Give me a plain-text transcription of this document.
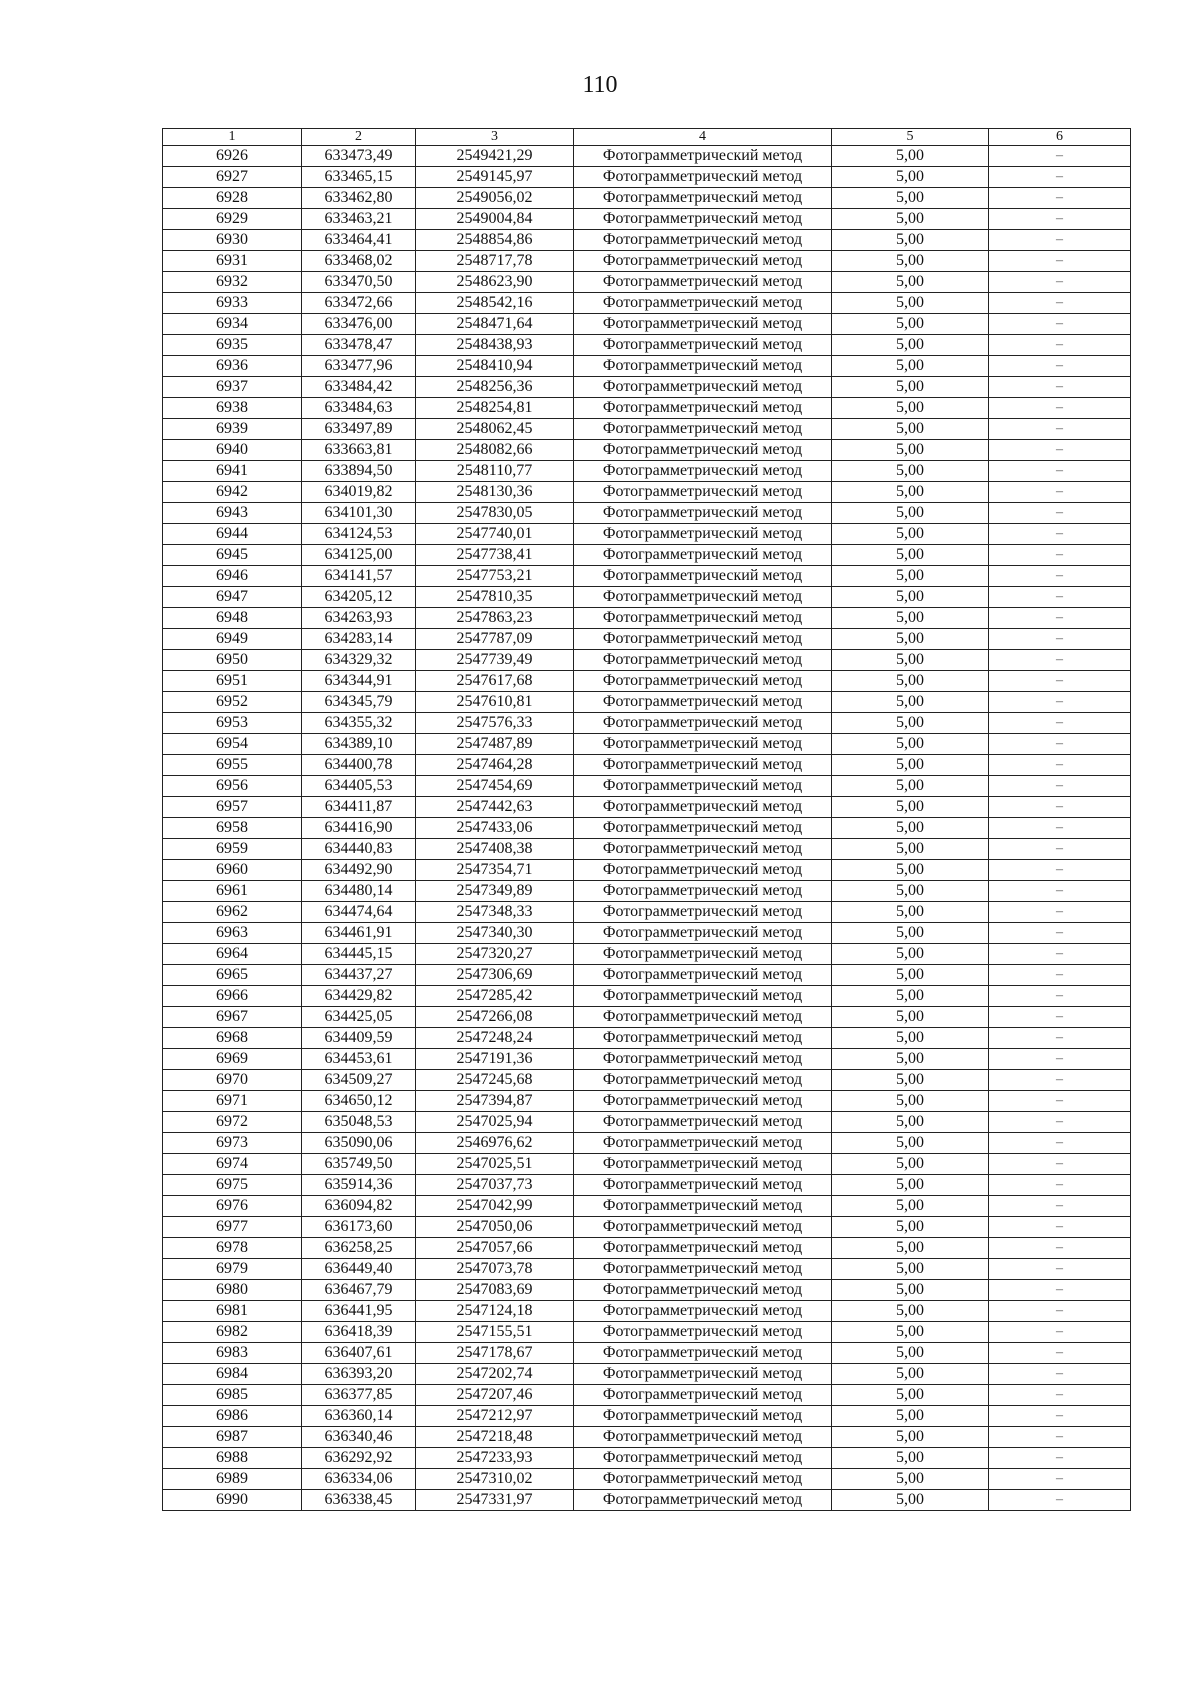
110
1	2	3	4	5	6
6926	633473,49	2549421,29	Фотограмметрический метод	5,00	–
6927	633465,15	2549145,97	Фотограмметрический метод	5,00	–
6928	633462,80	2549056,02	Фотограмметрический метод	5,00	–
6929	633463,21	2549004,84	Фотограмметрический метод	5,00	–
6930	633464,41	2548854,86	Фотограмметрический метод	5,00	–
6931	633468,02	2548717,78	Фотограмметрический метод	5,00	–
6932	633470,50	2548623,90	Фотограмметрический метод	5,00	–
6933	633472,66	2548542,16	Фотограмметрический метод	5,00	–
6934	633476,00	2548471,64	Фотограмметрический метод	5,00	–
6935	633478,47	2548438,93	Фотограмметрический метод	5,00	–
6936	633477,96	2548410,94	Фотограмметрический метод	5,00	–
6937	633484,42	2548256,36	Фотограмметрический метод	5,00	–
6938	633484,63	2548254,81	Фотограмметрический метод	5,00	–
6939	633497,89	2548062,45	Фотограмметрический метод	5,00	–
6940	633663,81	2548082,66	Фотограмметрический метод	5,00	–
6941	633894,50	2548110,77	Фотограмметрический метод	5,00	–
6942	634019,82	2548130,36	Фотограмметрический метод	5,00	–
6943	634101,30	2547830,05	Фотограмметрический метод	5,00	–
6944	634124,53	2547740,01	Фотограмметрический метод	5,00	–
6945	634125,00	2547738,41	Фотограмметрический метод	5,00	–
6946	634141,57	2547753,21	Фотограмметрический метод	5,00	–
6947	634205,12	2547810,35	Фотограмметрический метод	5,00	–
6948	634263,93	2547863,23	Фотограмметрический метод	5,00	–
6949	634283,14	2547787,09	Фотограмметрический метод	5,00	–
6950	634329,32	2547739,49	Фотограмметрический метод	5,00	–
6951	634344,91	2547617,68	Фотограмметрический метод	5,00	–
6952	634345,79	2547610,81	Фотограмметрический метод	5,00	–
6953	634355,32	2547576,33	Фотограмметрический метод	5,00	–
6954	634389,10	2547487,89	Фотограмметрический метод	5,00	–
6955	634400,78	2547464,28	Фотограмметрический метод	5,00	–
6956	634405,53	2547454,69	Фотограмметрический метод	5,00	–
6957	634411,87	2547442,63	Фотограмметрический метод	5,00	–
6958	634416,90	2547433,06	Фотограмметрический метод	5,00	–
6959	634440,83	2547408,38	Фотограмметрический метод	5,00	–
6960	634492,90	2547354,71	Фотограмметрический метод	5,00	–
6961	634480,14	2547349,89	Фотограмметрический метод	5,00	–
6962	634474,64	2547348,33	Фотограмметрический метод	5,00	–
6963	634461,91	2547340,30	Фотограмметрический метод	5,00	–
6964	634445,15	2547320,27	Фотограмметрический метод	5,00	–
6965	634437,27	2547306,69	Фотограмметрический метод	5,00	–
6966	634429,82	2547285,42	Фотограмметрический метод	5,00	–
6967	634425,05	2547266,08	Фотограмметрический метод	5,00	–
6968	634409,59	2547248,24	Фотограмметрический метод	5,00	–
6969	634453,61	2547191,36	Фотограмметрический метод	5,00	–
6970	634509,27	2547245,68	Фотограмметрический метод	5,00	–
6971	634650,12	2547394,87	Фотограмметрический метод	5,00	–
6972	635048,53	2547025,94	Фотограмметрический метод	5,00	–
6973	635090,06	2546976,62	Фотограмметрический метод	5,00	–
6974	635749,50	2547025,51	Фотограмметрический метод	5,00	–
6975	635914,36	2547037,73	Фотограмметрический метод	5,00	–
6976	636094,82	2547042,99	Фотограмметрический метод	5,00	–
6977	636173,60	2547050,06	Фотограмметрический метод	5,00	–
6978	636258,25	2547057,66	Фотограмметрический метод	5,00	–
6979	636449,40	2547073,78	Фотограмметрический метод	5,00	–
6980	636467,79	2547083,69	Фотограмметрический метод	5,00	–
6981	636441,95	2547124,18	Фотограмметрический метод	5,00	–
6982	636418,39	2547155,51	Фотограмметрический метод	5,00	–
6983	636407,61	2547178,67	Фотограмметрический метод	5,00	–
6984	636393,20	2547202,74	Фотограмметрический метод	5,00	–
6985	636377,85	2547207,46	Фотограмметрический метод	5,00	–
6986	636360,14	2547212,97	Фотограмметрический метод	5,00	–
6987	636340,46	2547218,48	Фотограмметрический метод	5,00	–
6988	636292,92	2547233,93	Фотограмметрический метод	5,00	–
6989	636334,06	2547310,02	Фотограмметрический метод	5,00	–
6990	636338,45	2547331,97	Фотограмметрический метод	5,00	–
